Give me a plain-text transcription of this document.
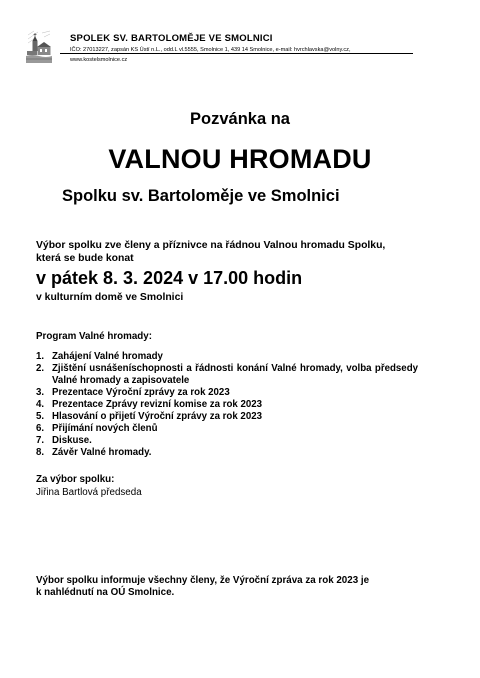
SPOLEK SV. BARTOLOMĚJE VE SMOLNICI
IČO: 27013227, zapsán KS Ústí n.L., odd.L vl.5555, Smolnice 1, 439 14 Smolnice, e-mail: hvrchlavska@volny.cz,
www.kostelsmolnice.cz
Pozvánka na
VALNOU HROMADU
Spolku sv. Bartoloměje ve Smolnici
Výbor spolku zve členy a příznivce na řádnou Valnou hromadu Spolku,
která se bude konat
v pátek 8. 3. 2024 v 17.00 hodin
v kulturním domě ve Smolnici
Program Valné hromady:
1. Zahájení Valné hromady
2. Zjištění usnášeníschopnosti a řádnosti konání Valné hromady, volba předsedy Valné hromady a zapisovatele
3. Prezentace Výroční zprávy za rok 2023
4. Prezentace Zprávy revizní komise za rok 2023
5. Hlasování o přijetí Výroční zprávy za rok 2023
6. Přijímání nových členů
7. Diskuse.
8. Závěr Valné hromady.
Za výbor spolku:
Jiřina Bartlová předseda
Výbor spolku informuje všechny členy, že Výroční zpráva za rok 2023 je
k nahlédnutí na OÚ Smolnice.
